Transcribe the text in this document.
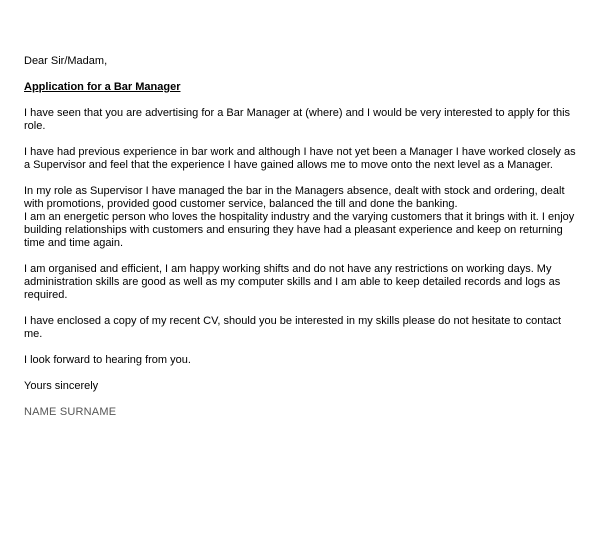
Dear Sir/Madam,

Application for a Bar Manager

I have seen that you are advertising for a Bar Manager at (where) and I would be very interested to apply for this role.

I have had previous experience in bar work and although I have not yet been a Manager I have worked closely as a Supervisor and feel that the experience I have gained allows me to move onto the next level as a Manager.

In my role as Supervisor I have managed the bar in the Managers absence, dealt with stock and ordering, dealt with promotions, provided good customer service, balanced the till and done the banking.
I am an energetic person who loves the hospitality industry and the varying customers that it brings with it. I enjoy building relationships with customers and ensuring they have had a pleasant experience and keep on returning time and time again.

I am organised and efficient, I am happy working shifts and do not have any restrictions on working days. My administration skills are good as well as my computer skills and I am able to keep detailed records and logs as required.

I have enclosed a copy of my recent CV, should you be interested in my skills please do not hesitate to contact me.

I look forward to hearing from you.

Yours sincerely

NAME SURNAME
